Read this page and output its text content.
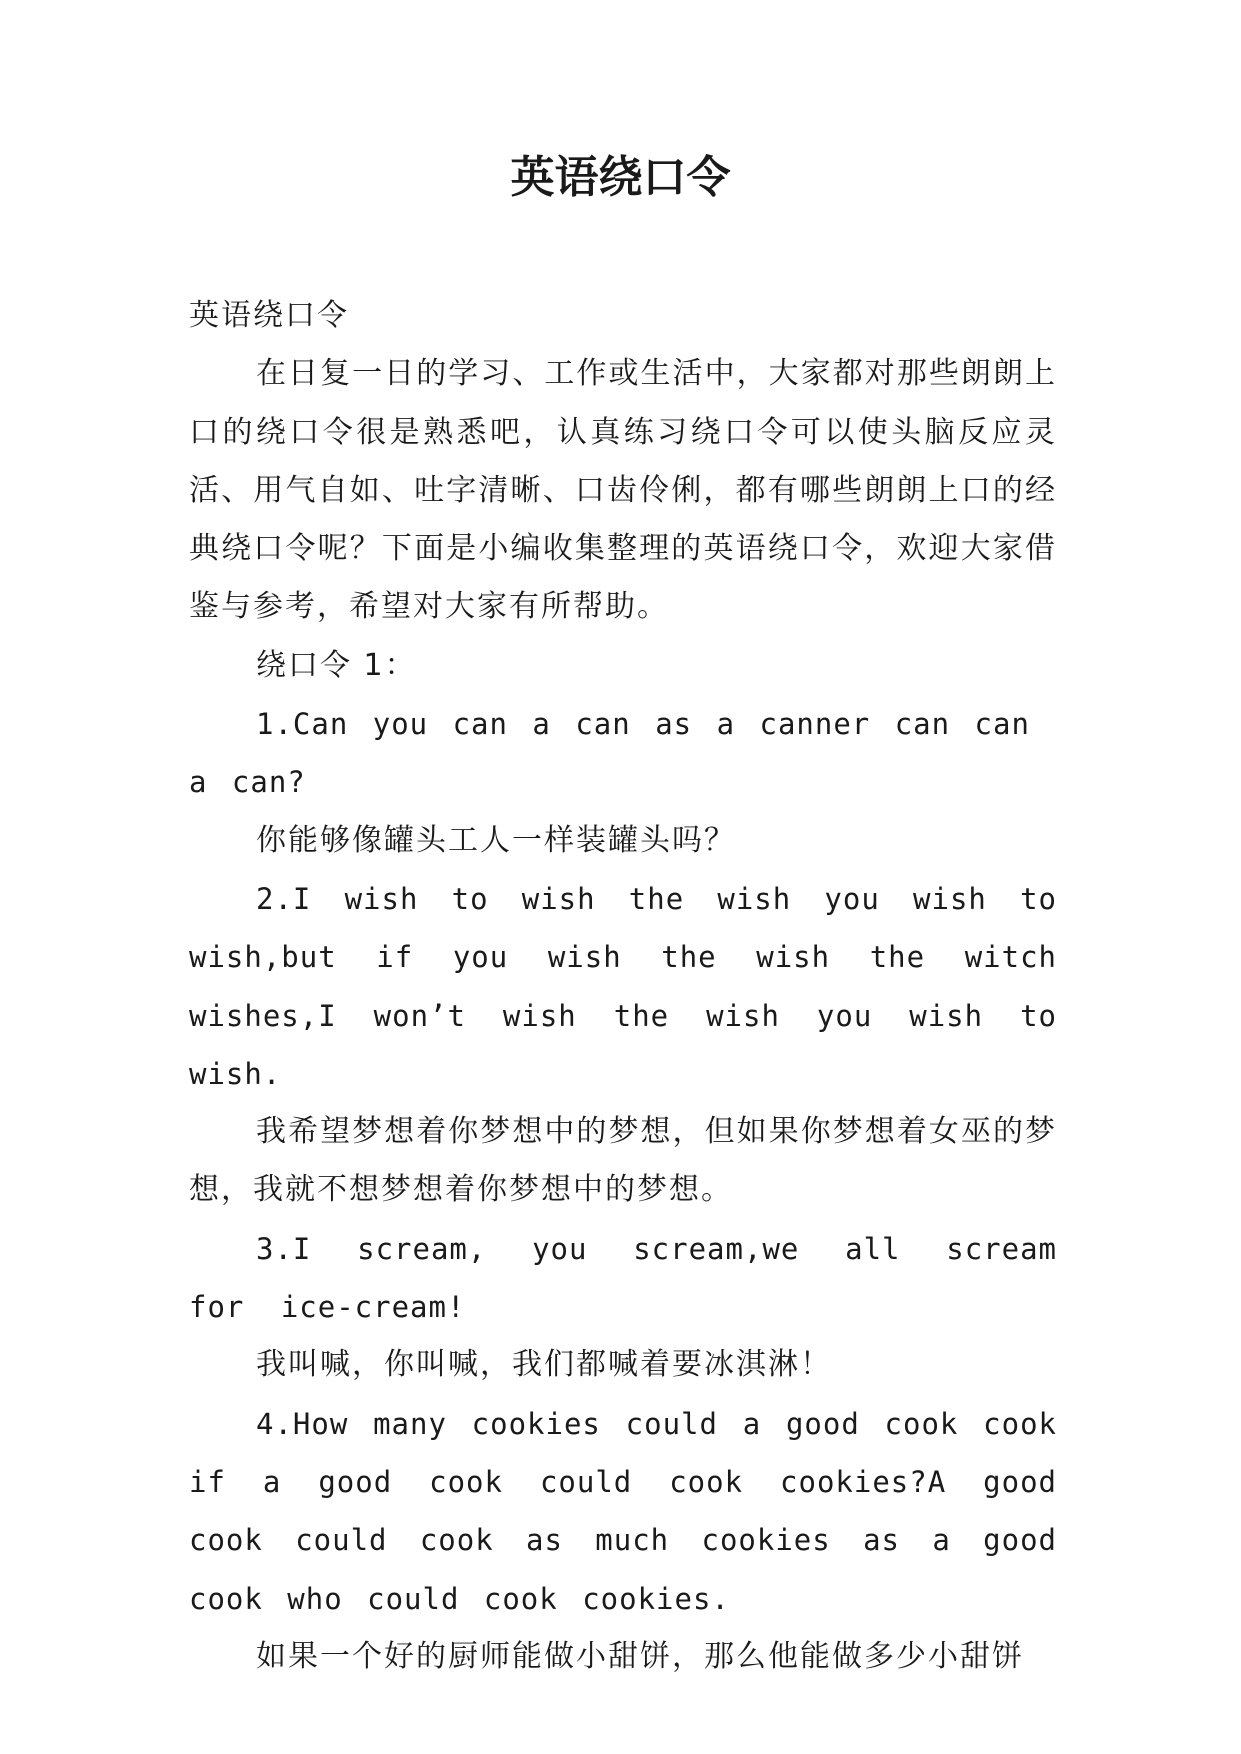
英语绕口令

英语绕口令

在日复一日的学习、工作或生活中，大家都对那些朗朗上口的绕口令很是熟悉吧，认真练习绕口令可以使头脑反应灵活、用气自如、吐字清晰、口齿伶俐，都有哪些朗朗上口的经典绕口令呢？下面是小编收集整理的英语绕口令，欢迎大家借鉴与参考，希望对大家有所帮助。

绕口令 1：

1.Can you can a can as a canner can can a can?

你能够像罐头工人一样装罐头吗？

2.I wish to wish the wish you wish to wish,but if you wish the wish the witch wishes,I won’t wish the wish you wish to wish.

我希望梦想着你梦想中的梦想，但如果你梦想着女巫的梦想，我就不想梦想着你梦想中的梦想。

3.I scream, you scream,we all scream for ice-cream!

我叫喊，你叫喊，我们都喊着要冰淇淋！

4.How many cookies could a good cook cook if a good cook could cook cookies?A good cook could cook as much cookies as a good cook who could cook cookies.

如果一个好的厨师能做小甜饼，那么他能做多少小甜饼
